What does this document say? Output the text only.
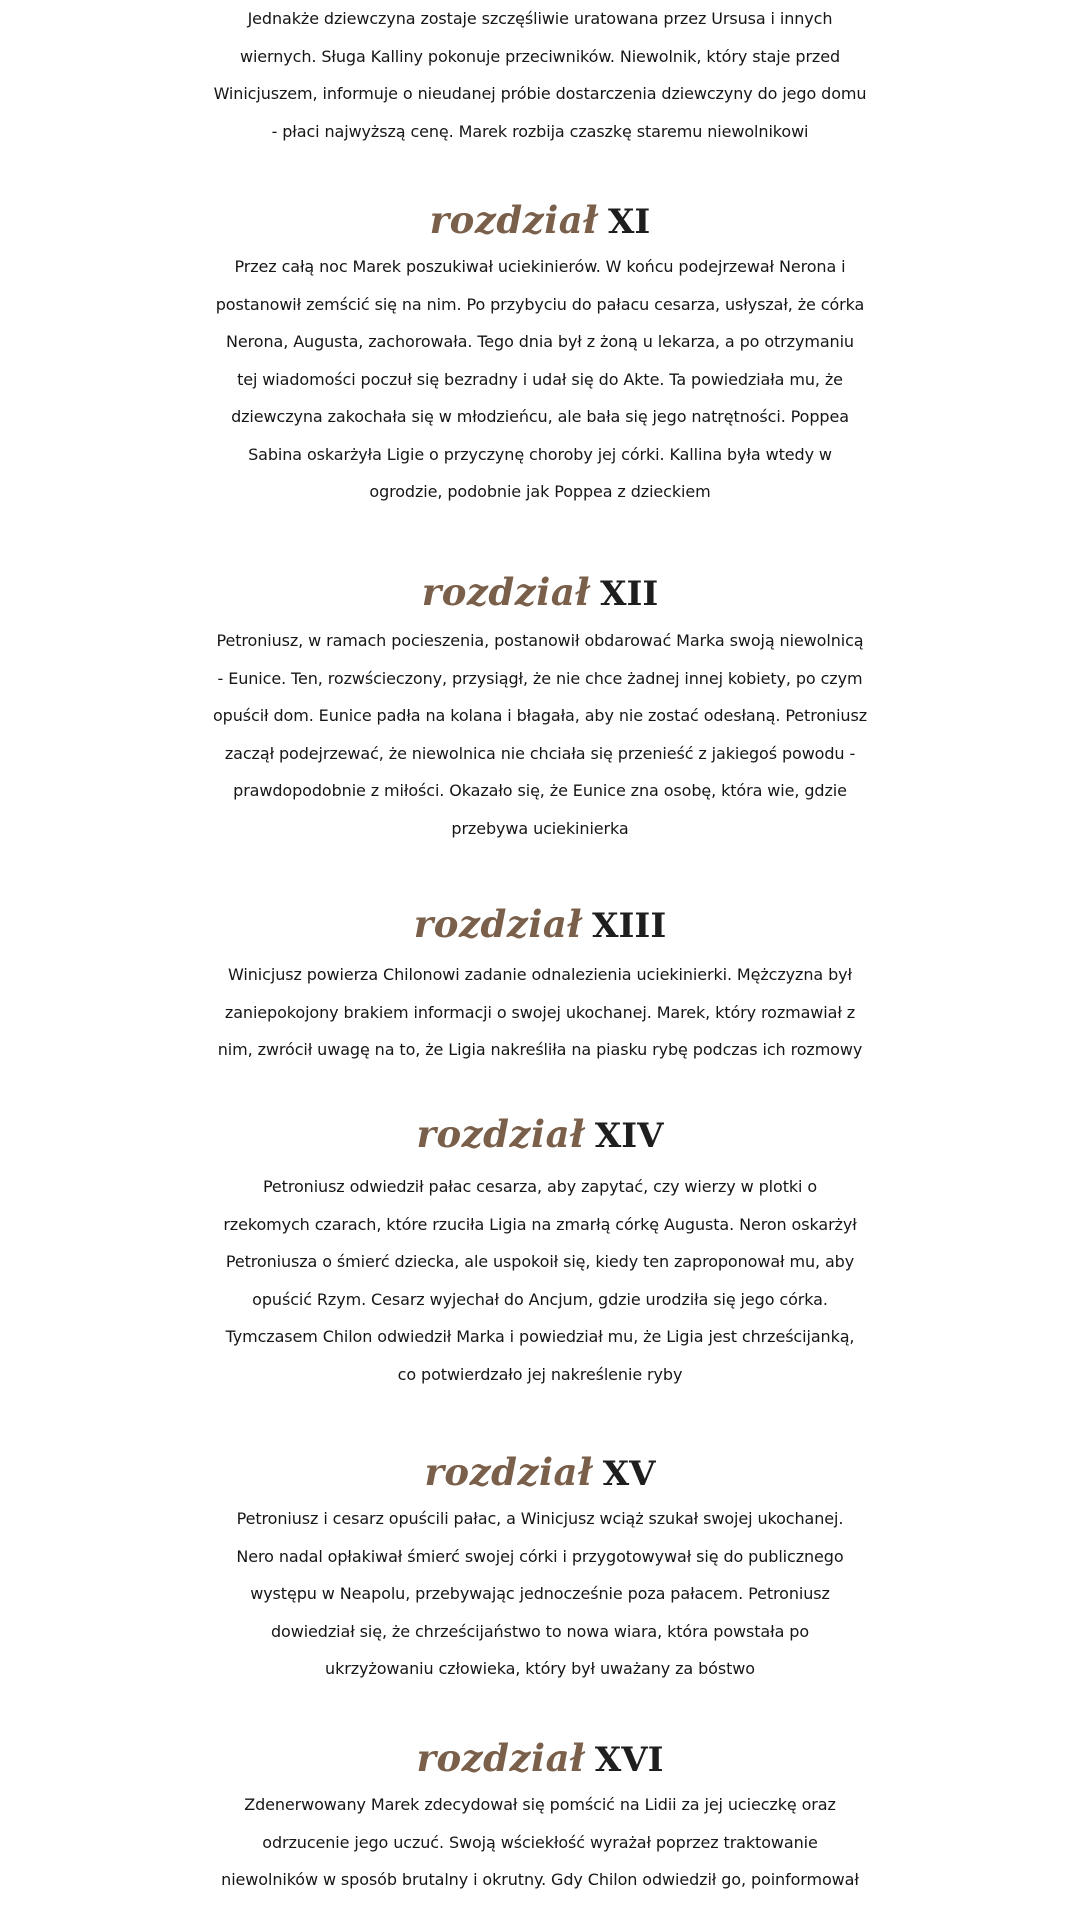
Jednakże dziewczyna zostaje szczęśliwie uratowana przez Ursusa i innych
wiernych. Sługa Kalliny pokonuje przeciwników. Niewolnik, który staje przed
Winicjuszem, informuje o nieudanej próbie dostarczenia dziewczyny do jego domu
- płaci najwyższą cenę. Marek rozbija czaszkę staremu niewolnikowi
rozdział XI
Przez całą noc Marek poszukiwał uciekinierów. W końcu podejrzewał Nerona i
postanowił zemścić się na nim. Po przybyciu do pałacu cesarza, usłyszał, że córka
Nerona, Augusta, zachorowała. Tego dnia był z żoną u lekarza, a po otrzymaniu
tej wiadomości poczuł się bezradny i udał się do Akte. Ta powiedziała mu, że
dziewczyna zakochała się w młodzieńcu, ale bała się jego natrętności. Poppea
Sabina oskarżyła Ligie o przyczynę choroby jej córki. Kallina była wtedy w
ogrodzie, podobnie jak Poppea z dzieckiem
rozdział XII
Petroniusz, w ramach pocieszenia, postanowił obdarować Marka swoją niewolnicą
- Eunice. Ten, rozwścieczony, przysiągł, że nie chce żadnej innej kobiety, po czym
opuścił dom. Eunice padła na kolana i błagała, aby nie zostać odesłaną. Petroniusz
zaczął podejrzewać, że niewolnica nie chciała się przenieść z jakiegoś powodu -
prawdopodobnie z miłości. Okazało się, że Eunice zna osobę, która wie, gdzie
przebywa uciekinierka
rozdział XIII
Winicjusz powierza Chilonowi zadanie odnalezienia uciekinierki. Mężczyzna był
zaniepokojony brakiem informacji o swojej ukochanej. Marek, który rozmawiał z
nim, zwrócił uwagę na to, że Ligia nakreśliła na piasku rybę podczas ich rozmowy
rozdział XIV
Petroniusz odwiedził pałac cesarza, aby zapytać, czy wierzy w plotki o
rzekomych czarach, które rzuciła Ligia na zmarłą córkę Augusta. Neron oskarżył
Petroniusza o śmierć dziecka, ale uspokoił się, kiedy ten zaproponował mu, aby
opuścić Rzym. Cesarz wyjechał do Ancjum, gdzie urodziła się jego córka.
Tymczasem Chilon odwiedził Marka i powiedział mu, że Ligia jest chrześcijanką,
co potwierdzało jej nakreślenie ryby
rozdział XV
Petroniusz i cesarz opuścili pałac, a Winicjusz wciąż szukał swojej ukochanej.
Nero nadal opłakiwał śmierć swojej córki i przygotowywał się do publicznego
występu w Neapolu, przebywając jednocześnie poza pałacem. Petroniusz
dowiedział się, że chrześcijaństwo to nowa wiara, która powstała po
ukrzyżowaniu człowieka, który był uważany za bóstwo
rozdział XVI
Zdenerwowany Marek zdecydował się pomścić na Lidii za jej ucieczkę oraz
odrzucenie jego uczuć. Swoją wściekłość wyrażał poprzez traktowanie
niewolników w sposób brutalny i okrutny. Gdy Chilon odwiedził go, poinformował
